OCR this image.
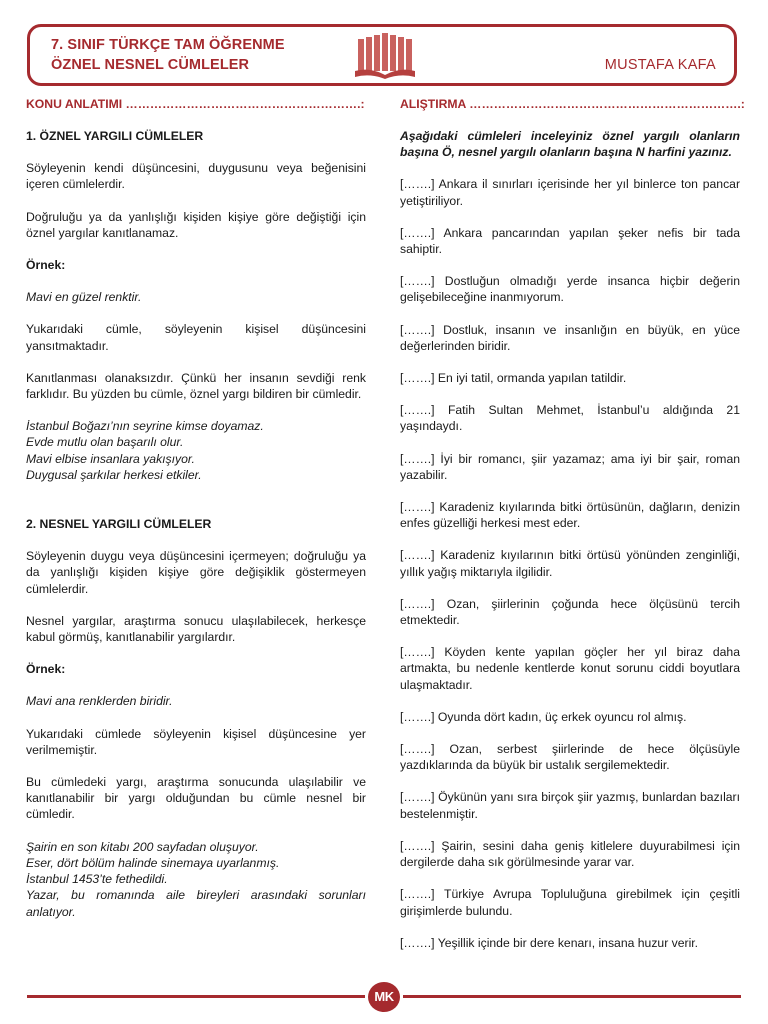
7. SINIF TÜRKÇE TAM ÖĞRENME
ÖZNEL NESNEL CÜMLELER	MUSTAFA KAFA

KONU ANLATIMI ………………………………………………….:

1. ÖZNEL YARGILI CÜMLELER

Söyleyenin kendi düşüncesini, duygusunu veya beğenisini içeren cümlelerdir.

Doğruluğu ya da yanlışlığı kişiden kişiye göre değiştiği için öznel yargılar kanıtlanamaz.

Örnek:

Mavi en güzel renktir.

Yukarıdaki cümle, söyleyenin kişisel düşüncesini yansıtmaktadır.

Kanıtlanması olanaksızdır. Çünkü her insanın sevdiği renk farklıdır. Bu yüzden bu cümle, öznel yargı bildiren bir cümledir.

İstanbul Boğazı’nın seyrine kimse doyamaz.

Evde mutlu olan başarılı olur.

Mavi elbise insanlara yakışıyor.

Duygusal şarkılar herkesi etkiler.

2. NESNEL YARGILI CÜMLELER

Söyleyenin duygu veya düşüncesini içermeyen; doğruluğu ya da yanlışlığı kişiden kişiye göre değişiklik göstermeyen cümlelerdir.

Nesnel yargılar, araştırma sonucu ulaşılabilecek, herkesçe kabul görmüş, kanıtlanabilir yargılardır.

Örnek:

Mavi ana renklerden biridir.

Yukarıdaki cümlede söyleyenin kişisel düşüncesine yer verilmemiştir.

Bu cümledeki yargı, araştırma sonucunda ulaşılabilir ve kanıtlanabilir bir yargı olduğundan bu cümle nesnel bir cümledir.

Şairin en son kitabı 200 sayfadan oluşuyor.

Eser, dört bölüm halinde sinemaya uyarlanmış.

İstanbul 1453’te fethedildi.

Yazar, bu romanında aile bireyleri arasındaki sorunları anlatıyor.

ALIŞTIRMA ………………………………………………………….:

Aşağıdaki cümleleri inceleyiniz öznel yargılı olanların başına Ö, nesnel yargılı olanların başına N harfini yazınız.

[…….] Ankara il sınırları içerisinde her yıl binlerce ton pancar yetiştiriliyor.

[…….] Ankara pancarından yapılan şeker nefis bir tada sahiptir.

[…….] Dostluğun olmadığı yerde insanca hiçbir değerin gelişebileceğine inanmıyorum.

[…….] Dostluk, insanın ve insanlığın en büyük, en yüce değerlerinden biridir.

[…….] En iyi tatil, ormanda yapılan tatildir.

[…….] Fatih Sultan Mehmet, İstanbul’u aldığında 21 yaşındaydı.

[…….] İyi bir romancı, şiir yazamaz; ama iyi bir şair, roman yazabilir.

[…….] Karadeniz kıyılarında bitki örtüsünün, dağların, denizin enfes güzelliği herkesi mest eder.

[…….] Karadeniz kıyılarının bitki örtüsü yönünden zenginliği, yıllık yağış miktarıyla ilgilidir.

[…….] Ozan, şiirlerinin çoğunda hece ölçüsünü tercih etmektedir.

[…….] Köyden kente yapılan göçler her yıl biraz daha artmakta, bu nedenle kentlerde konut sorunu ciddi boyutlara ulaşmaktadır.

[…….] Oyunda dört kadın, üç erkek oyuncu rol almış.

[…….] Ozan, serbest şiirlerinde de hece ölçüsüyle yazdıklarında da büyük bir ustalık sergilemektedir.

[…….] Öykünün yanı sıra birçok şiir yazmış, bunlardan bazıları bestelenmiştir.

[…….] Şairin, sesini daha geniş kitlelere duyurabilmesi için dergilerde daha sık görülmesinde yarar var.

[…….] Türkiye Avrupa Topluluğuna girebilmek için çeşitli girişimlerde bulundu.

[…….] Yeşillik içinde bir dere kenarı, insana huzur verir.

MK
